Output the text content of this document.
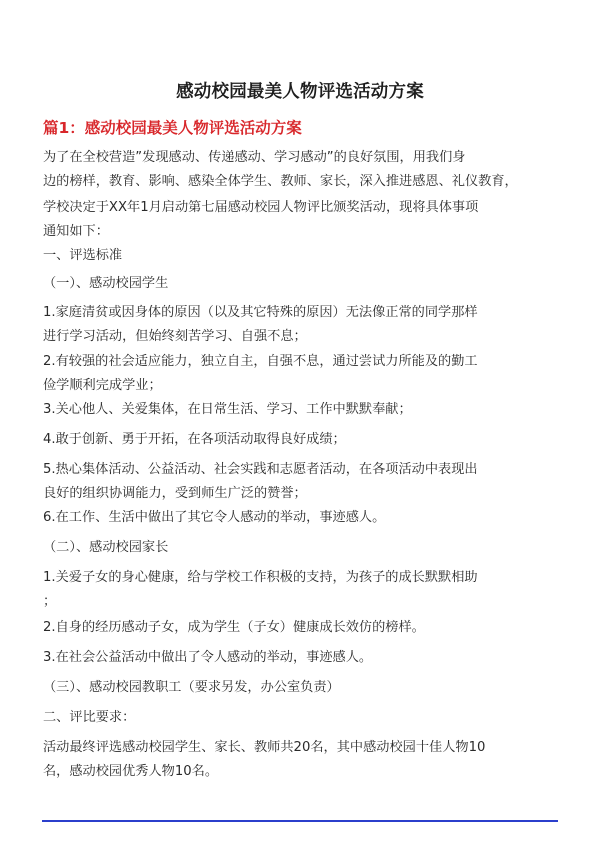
感动校园最美人物评选活动方案
篇1：感动校园最美人物评选活动方案
为了在全校营造”发现感动、传递感动、学习感动”的良好氛围，用我们身
边的榜样，教育、影响、感染全体学生、教师、家长，深入推进感恩、礼仪教育，
学校决定于XX年1月启动第七届感动校园人物评比颁奖活动，现将具体事项
通知如下：
一、评选标准
（一）、感动校园学生
1.家庭清贫或因身体的原因（以及其它特殊的原因）无法像正常的同学那样
进行学习活动，但始终刻苦学习、自强不息；
2.有较强的社会适应能力，独立自主，自强不息，通过尝试力所能及的勤工
俭学顺利完成学业；
3.关心他人、关爱集体，在日常生活、学习、工作中默默奉献；
4.敢于创新、勇于开拓，在各项活动取得良好成绩；
5.热心集体活动、公益活动、社会实践和志愿者活动，在各项活动中表现出
良好的组织协调能力，受到师生广泛的赞誉；
6.在工作、生活中做出了其它令人感动的举动，事迹感人。
（二）、感动校园家长
1.关爱子女的身心健康，给与学校工作积极的支持，为孩子的成长默默相助
；
2.自身的经历感动子女，成为学生（子女）健康成长效仿的榜样。
3.在社会公益活动中做出了令人感动的举动，事迹感人。
（三）、感动校园教职工（要求另发，办公室负责）
二、评比要求：
活动最终评选感动校园学生、家长、教师共20名，其中感动校园十佳人物10
名，感动校园优秀人物10名。
